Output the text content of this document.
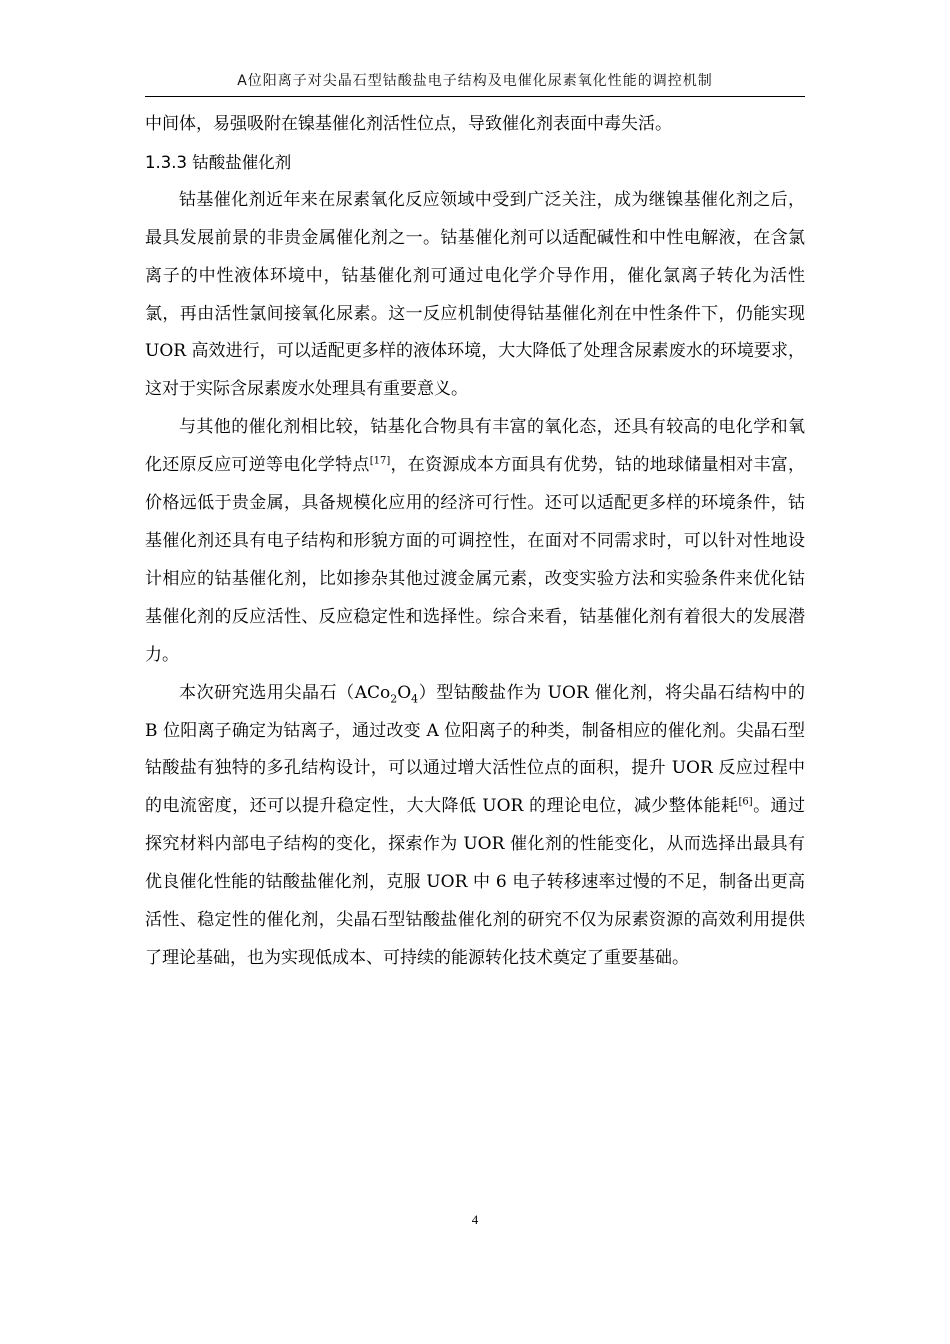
A位阳离子对尖晶石型钴酸盐电子结构及电催化尿素氧化性能的调控机制

中间体，易强吸附在镍基催化剂活性位点，导致催化剂表面中毒失活。

1.3.3 钴酸盐催化剂

钴基催化剂近年来在尿素氧化反应领域中受到广泛关注，成为继镍基催化剂之后，最具发展前景的非贵金属催化剂之一。钴基催化剂可以适配碱性和中性电解液，在含氯离子的中性液体环境中，钴基催化剂可通过电化学介导作用，催化氯离子转化为活性氯，再由活性氯间接氧化尿素。这一反应机制使得钴基催化剂在中性条件下，仍能实现 UOR 高效进行，可以适配更多样的液体环境，大大降低了处理含尿素废水的环境要求，这对于实际含尿素废水处理具有重要意义。

与其他的催化剂相比较，钴基化合物具有丰富的氧化态，还具有较高的电化学和氧化还原反应可逆等电化学特点[17]，在资源成本方面具有优势，钴的地球储量相对丰富，价格远低于贵金属，具备规模化应用的经济可行性。还可以适配更多样的环境条件，钴基催化剂还具有电子结构和形貌方面的可调控性，在面对不同需求时，可以针对性地设计相应的钴基催化剂，比如掺杂其他过渡金属元素，改变实验方法和实验条件来优化钴基催化剂的反应活性、反应稳定性和选择性。综合来看，钴基催化剂有着很大的发展潜力。

本次研究选用尖晶石$(ACo_2O_4)$型钴酸盐作为 UOR 催化剂，将尖晶石结构中的 B 位阳离子确定为钴离子，通过改变 A 位阳离子的种类，制备相应的催化剂。尖晶石型钴酸盐有独特的多孔结构设计，可以通过增大活性位点的面积，提升 UOR 反应过程中的电流密度，还可以提升稳定性，大大降低 UOR 的理论电位，减少整体能耗[6]。通过探究材料内部电子结构的变化，探索作为 UOR 催化剂的性能变化，从而选择出最具有优良催化性能的钴酸盐催化剂，克服 UOR 中 6 电子转移速率过慢的不足，制备出更高活性、稳定性的催化剂，尖晶石型钴酸盐催化剂的研究不仅为尿素资源的高效利用提供了理论基础，也为实现低成本、可持续的能源转化技术奠定了重要基础。

4
